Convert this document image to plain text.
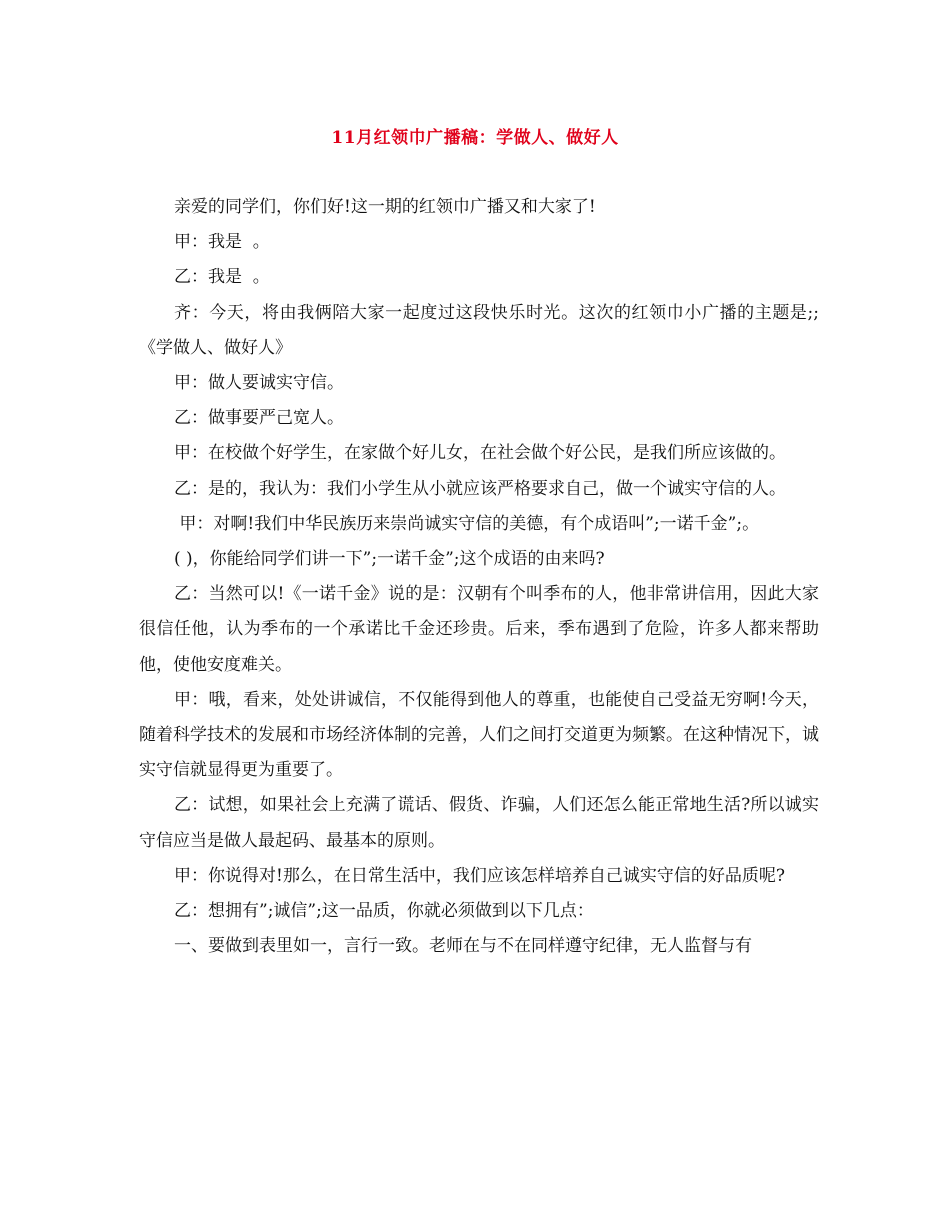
11月红领巾广播稿：学做人、做好人

亲爱的同学们，你们好!这一期的红领巾广播又和大家了!

甲：我是  。

乙：我是  。

齐：今天，将由我俩陪大家一起度过这段快乐时光。这次的红领巾小广播的主题是;;《学做人、做好人》

甲：做人要诚实守信。

乙：做事要严己宽人。

甲：在校做个好学生，在家做个好儿女，在社会做个好公民，是我们所应该做的。

乙：是的，我认为：我们小学生从小就应该严格要求自己，做一个诚实守信的人。

甲：对啊!我们中华民族历来崇尚诚实守信的美德，有个成语叫”;一诺千金”;。

( )，你能给同学们讲一下”;一诺千金”;这个成语的由来吗?

乙：当然可以!《一诺千金》说的是：汉朝有个叫季布的人，他非常讲信用，因此大家很信任他，认为季布的一个承诺比千金还珍贵。后来，季布遇到了危险，许多人都来帮助他，使他安度难关。

甲：哦，看来，处处讲诚信，不仅能得到他人的尊重，也能使自己受益无穷啊!今天，随着科学技术的发展和市场经济体制的完善，人们之间打交道更为频繁。在这种情况下，诚实守信就显得更为重要了。

乙：试想，如果社会上充满了谎话、假货、诈骗，人们还怎么能正常地生活?所以诚实守信应当是做人最起码、最基本的原则。

甲：你说得对!那么，在日常生活中，我们应该怎样培养自己诚实守信的好品质呢?

乙：想拥有”;诚信”;这一品质，你就必须做到以下几点：

一、要做到表里如一，言行一致。老师在与不在同样遵守纪律，无人监督与有
